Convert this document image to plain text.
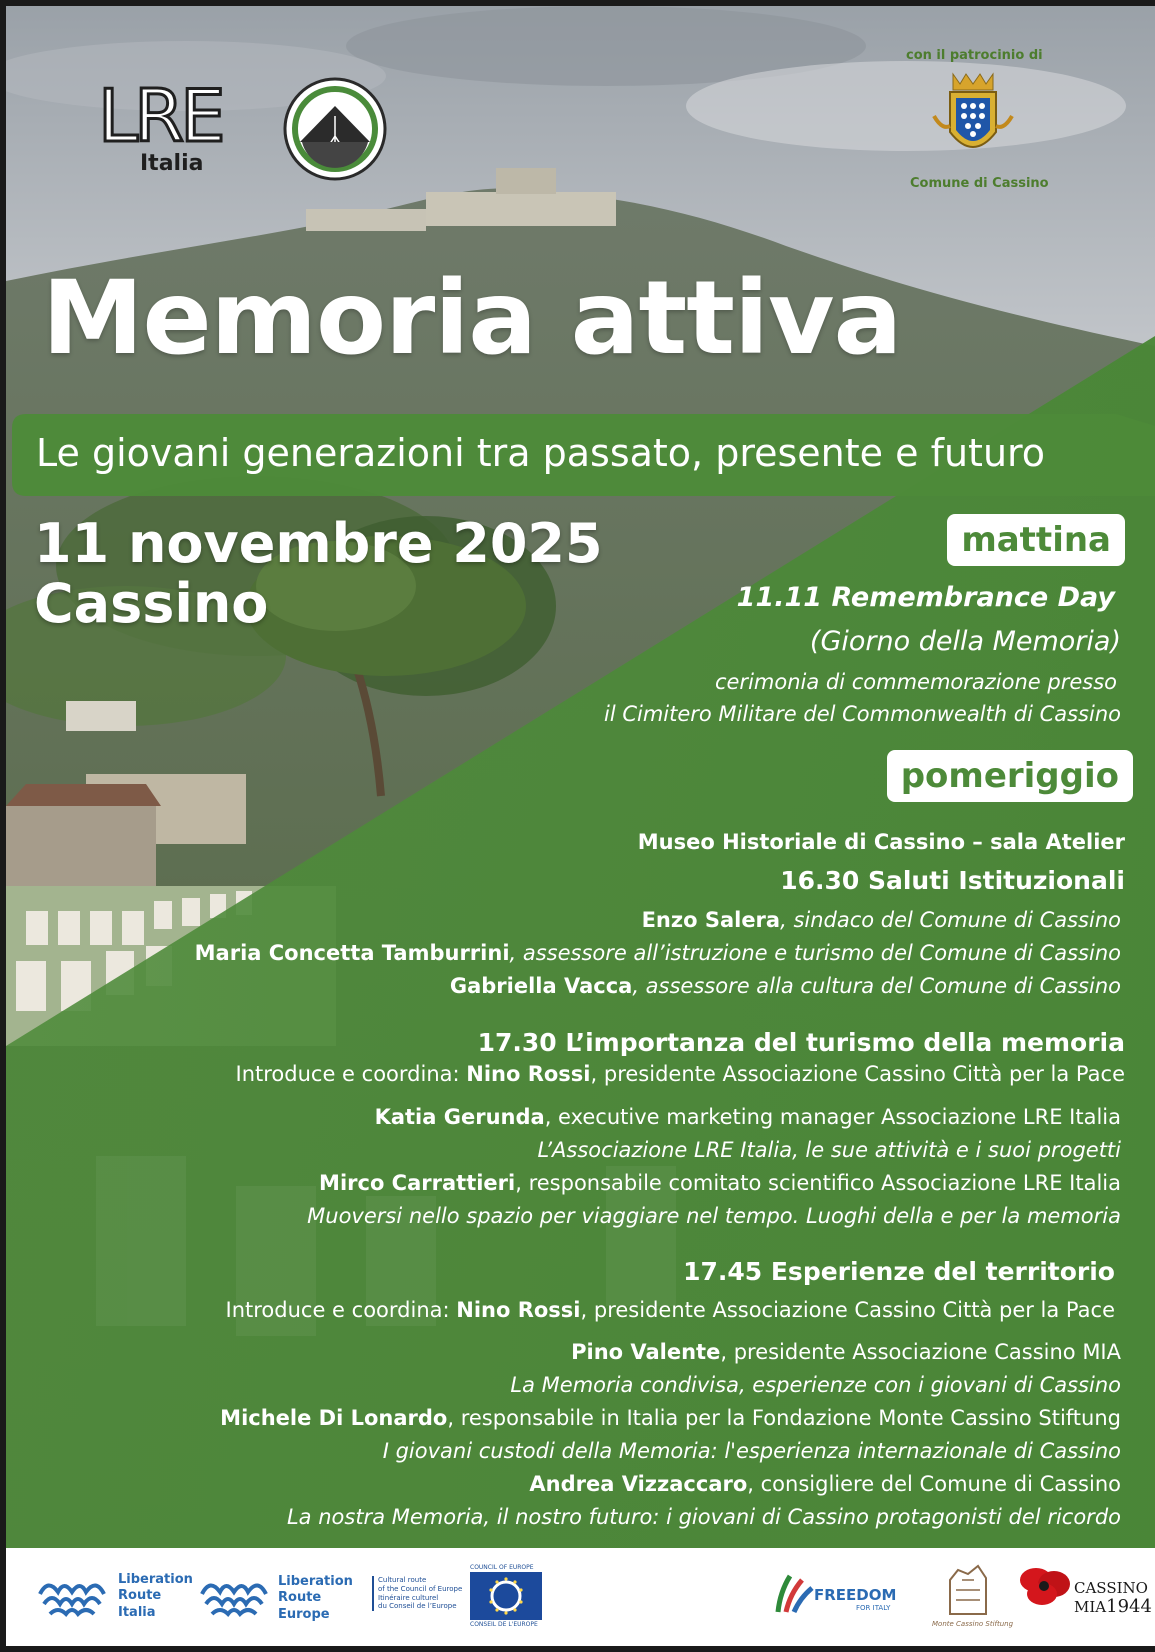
LRE
Italia
con il patrocinio di
Comune di Cassino
Memoria attiva
Le giovani generazioni tra passato, presente e futuro
11 novembre 2025
Cassino
mattina
11.11 Remembrance Day
(Giorno della Memoria)
cerimonia di commemorazione presso
il Cimitero Militare del Commonwealth di Cassino
pomeriggio
Museo Historiale di Cassino – sala Atelier
16.30 Saluti Istituzionali
Enzo Salera, sindaco del Comune di Cassino
Maria Concetta Tamburrini, assessore all’istruzione e turismo del Comune di Cassino
Gabriella Vacca, assessore alla cultura del Comune di Cassino
17.30 L’importanza del turismo della memoria
Introduce e coordina: Nino Rossi, presidente Associazione Cassino Città per la Pace
Katia Gerunda, executive marketing manager Associazione LRE Italia
L’Associazione LRE Italia, le sue attività e i suoi progetti
Mirco Carrattieri, responsabile comitato scientifico Associazione LRE Italia
Muoversi nello spazio per viaggiare nel tempo. Luoghi della e per la memoria
17.45 Esperienze del territorio
Introduce e coordina: Nino Rossi, presidente Associazione Cassino Città per la Pace
Pino Valente, presidente Associazione Cassino MIA
La Memoria condivisa, esperienze con i giovani di Cassino
Michele Di Lonardo, responsabile in Italia per la Fondazione Monte Cassino Stiftung
I giovani custodi della Memoria: l'esperienza internazionale di Cassino
Andrea Vizzaccaro, consigliere del Comune di Cassino
La nostra Memoria, il nostro futuro: i giovani di Cassino protagonisti del ricordo
Liberation
Route
Italia
Liberation
Route
Europe
Cultural route
of the Council of Europe
Itinéraire culturel
du Conseil de l’Europe
COUNCIL OF EUROPE
CONSEIL DE L'EUROPE
FREEDOM
FOR ITALY
Monte Cassino Stiftung
CASSINO
MIA1944
